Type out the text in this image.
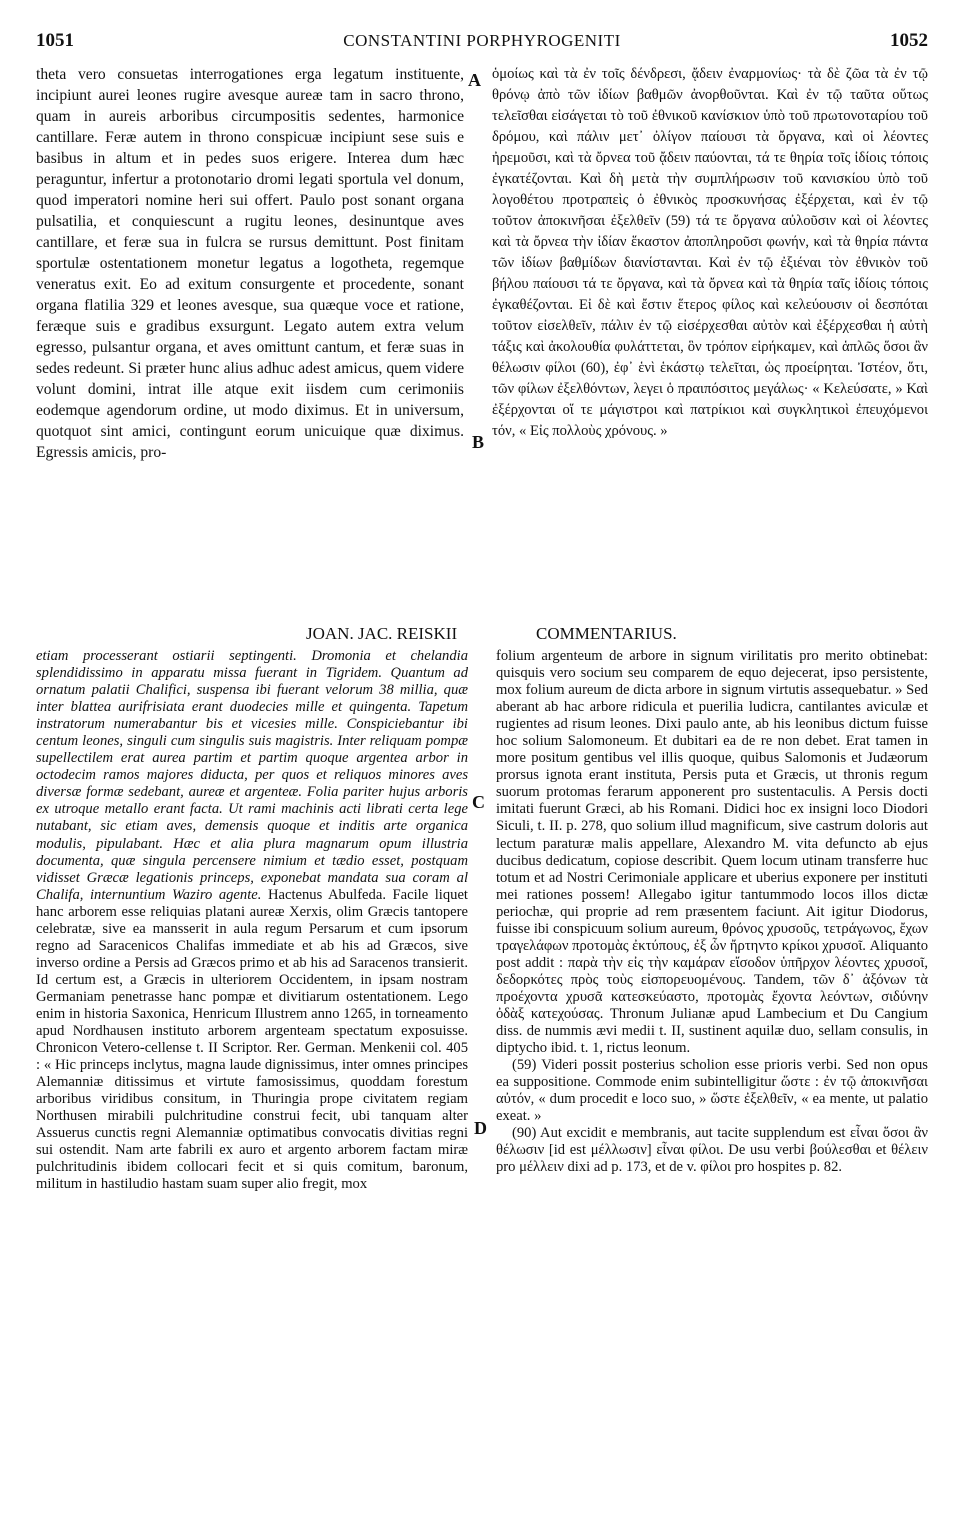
1051	CONSTANTINI PORPHYROGENITI	1052
A
B
C
D

theta vero consuetas interrogationes erga legatum instituente, incipiunt aurei leones rugire avesque aureæ tam in sacro throno, quam in aureis arboribus circumpositis sedentes, harmonice cantillare. Feræ autem in throno conspicuæ incipiunt sese suis e basibus in altum et in pedes suos erigere. Interea dum hæc peraguntur, infertur a protonotario dromi legati sportula vel donum, quod imperatori nomine heri sui offert. Paulo post sonant organa pulsatilia, et conquiescunt a rugitu leones, desinuntque aves cantillare, et feræ sua in fulcra se rursus demittunt. Post finitam sportulæ ostentationem monetur legatus a logotheta, regemque veneratus exit. Eo ad exitum consurgente et procedente, sonant organa flatilia 329 et leones avesque, sua quæque voce et ratione, feræque suis e gradibus exsurgunt. Legato autem extra velum egresso, pulsantur organa, et aves omittunt cantum, et feræ suas in sedes redeunt. Si præter hunc alius adhuc adest amicus, quem videre volunt domini, intrat ille atque exit iisdem cum cerimoniis eodemque agendorum ordine, ut modo diximus. Et in universum, quotquot sint amici, contingunt eorum unicuique quæ diximus. Egressis amicis, pro-

ὁμοίως καὶ τὰ ἐν τοῖς δένδρεσι, ᾄδειν ἐναρμονίως· τὰ δὲ ζῶα τὰ ἐν τῷ θρόνῳ ἀπὸ τῶν ἰδίων βαθμῶν ἀνορθοῦνται. Καὶ ἐν τῷ ταῦτα οὕτως τελεῖσθαι εἰσάγεται τὸ τοῦ ἐθνικοῦ κανίσκιον ὑπὸ τοῦ πρωτονοταρίου τοῦ δρόμου, καὶ πάλιν μετ᾽ ὀλίγον παίουσι τὰ ὄργανα, καὶ οἱ λέοντες ἠρεμοῦσι, καὶ τὰ ὄρνεα τοῦ ᾄδειν παύονται, τά τε θηρία τοῖς ἰδίοις τόποις ἐγκατέζονται. Καὶ δὴ μετὰ τὴν συμπλήρωσιν τοῦ κανισκίου ὑπὸ τοῦ λογοθέτου προτραπεὶς ὁ ἐθνικὸς προσκυνήσας ἐξέρχεται, καὶ ἐν τῷ τοῦτον ἀποκινῆσαι ἐξελθεῖν (59) τά τε ὄργανα αὐλοῦσιν καὶ οἱ λέοντες καὶ τὰ ὄρνεα τὴν ἰδίαν ἕκαστον ἀποπληροῦσι φωνήν, καὶ τὰ θηρία πάντα τῶν ἰδίων βαθμίδων διανίστανται. Καὶ ἐν τῷ ἐξιέναι τὸν ἐθνικὸν τοῦ βήλου παίουσι τά τε ὄργανα, καὶ τὰ ὄρνεα καὶ τὰ θηρία ταῖς ἰδίοις τόποις ἐγκαθέζονται. Εἰ δὲ καὶ ἔστιν ἕτερος φίλος καὶ κελεύουσιν οἱ δεσπόται τοῦτον εἰσελθεῖν, πάλιν ἐν τῷ εἰσέρχεσθαι αὐτὸν καὶ ἐξέρχεσθαι ἡ αὐτὴ τάξις καὶ ἀκολουθία φυλάττεται, ὃν τρόπον εἰρήκαμεν, καὶ ἁπλῶς ὅσοι ἂν θέλωσιν φίλοι (60), ἐφ᾽ ἑνὶ ἑκάστῳ τελεῖται, ὡς προείρηται. Ἰστέον, ὅτι, τῶν φίλων ἐξελθόντων, λεγει ὁ πραιπόσιτος μεγάλως· « Κελεύσατε, » Καὶ ἐξέρχονται οἵ τε μάγιστροι καὶ πατρίκιοι καὶ συγκλητικοὶ ἐπευχόμενοι τόν, « Εἰς πολλοὺς χρόνους. »

JOAN. JAC. REISKII	COMMENTARIUS.
etiam processerant ostiarii septingenti. Dromonia et chelandia splendidissimo in apparatu missa fuerant in Tigridem. Quantum ad ornatum palatii Chalifici, suspensa ibi fuerant velorum 38 millia, quæ inter blattea aurifrisiata erant duodecies mille et quingenta. Tapetum instratorum numerabantur bis et vicesies mille. Conspiciebantur ibi centum leones, singuli cum singulis suis magistris. Inter reliquam pompæ supellectilem erat aurea partim et partim quoque argentea arbor in octodecim ramos majores diducta, per quos et reliquos minores aves diversæ formæ sedebant, aureæ et argenteæ. Folia pariter hujus arboris ex utroque metallo erant facta. Ut rami machinis acti librati certa lege nutabant, sic etiam aves, demensis quoque et inditis arte organica modulis, pipulabant. Hæc et alia plura magnarum opum illustria documenta, quæ singula percensere nimium et tædio esset, postquam vidisset Græcæ legationis princeps, exponebat mandata sua coram al Chalifa, internuntium Waziro agente. Hactenus Abulfeda. Facile liquet hanc arborem esse reliquias platani aureæ Xerxis, olim Græcis tantopere celebratæ, sive ea mansserit in aula regum Persarum et cum ipsorum regno ad Saracenicos Chalifas immediate et ab his ad Græcos, sive inverso ordine a Persis ad Græcos primo et ab his ad Saracenos transierit. Id certum est, a Græcis in ulteriorem Occidentem, in ipsam nostram Germaniam penetrasse hanc pompæ et divitiarum ostentationem. Lego enim in historia Saxonica, Henricum Illustrem anno 1265, in torneamento apud Nordhausen instituto arborem argenteam spectatum exposuisse. Chronicon Vetero-cellense t. II Scriptor. Rer. German. Menkenii col. 405 : « Hic princeps inclytus, magna laude dignissimus, inter omnes principes Alemanniæ ditissimus et virtute famosissimus, quoddam forestum arboribus viridibus consitum, in Thuringia prope civitatem regiam Northusen mirabili pulchritudine construi fecit, ubi tanquam alter Assuerus cunctis regni Alemanniæ optimatibus convocatis divitias regni sui ostendit. Nam arte fabrili ex auro et argento arborem factam miræ pulchritudinis ibidem collocari fecit et si quis comitum, baronum, militum in hastiludio hastam suam super alio fregit, mox

folium argenteum de arbore in signum virilitatis pro merito obtinebat: quisquis vero socium seu comparem de equo dejecerat, ipso persistente, mox folium aureum de dicta arbore in signum virtutis assequebatur. » Sed aberant ab hac arbore ridicula et puerilia ludicra, cantilantes aviculæ et rugientes ad risum leones. Dixi paulo ante, ab his leonibus dictum fuisse hoc solium Salomoneum. Et dubitari ea de re non debet. Erat tamen in more positum gentibus vel illis quoque, quibus Salomonis et Judæorum prorsus ignota erant instituta, Persis puta et Græcis, ut thronis regum suorum protomas ferarum apponerent pro sustentaculis. A Persis docti imitati fuerunt Græci, ab his Romani. Didici hoc ex insigni loco Diodori Siculi, t. II. p. 278, quo solium illud magnificum, sive castrum doloris aut lectum paraturæ malis appellare, Alexandro M. vita defuncto ab ejus ducibus dedicatum, copiose describit. Quem locum utinam transferre huc totum et ad Nostri Cerimoniale applicare et uberius exponere per instituti mei rationes possem! Allegabo igitur tantummodo locos illos dictæ periochæ, qui proprie ad rem præsentem faciunt. Ait igitur Diodorus, fuisse ibi conspicuum solium aureum, θρόνος χρυσοῦς, τετράγωνος, ἔχων τραγελάφων προτομὰς ἐκτύπους, ἐξ ὧν ἤρτηντο κρίκοι χρυσοῖ. Aliquanto post addit : παρὰ τὴν εἰς τὴν καμάραν εἴσοδον ὑπῆρχον λέοντες χρυσοῖ, δεδορκότες πρὸς τοὺς εἰσπορευομένους. Tandem, τῶν δ᾽ ἀξόνων τὰ προέχοντα χρυσᾶ κατεσκεύαστο, προτομὰς ἔχοντα λεόντων, σιδύνην ὀδὰξ κατεχούσας. Thronum Julianæ apud Lambecium et Du Cangium diss. de nummis ævi medii t. II, sustinent aquilæ duo, sellam consulis, in diptycho ibid. t. 1, rictus leonum.

(59) Videri possit posterius scholion esse prioris verbi. Sed non opus ea suppositione. Commode enim subintelligitur ὥστε : ἐν τῷ ἀποκινῆσαι αὐτόν, « dum procedit e loco suo, » ὥστε ἐξελθεῖν, « ea mente, ut palatio exeat. »

(90) Aut excidit e membranis, aut tacite supplendum est εἶναι ὅσοι ἂν θέλωσιν [id est μέλλωσιν] εἶναι φίλοι. De usu verbi βούλεσθαι et θέλειν pro μέλλειν dixi ad p. 173, et de v. φίλοι pro hospites p. 82.
